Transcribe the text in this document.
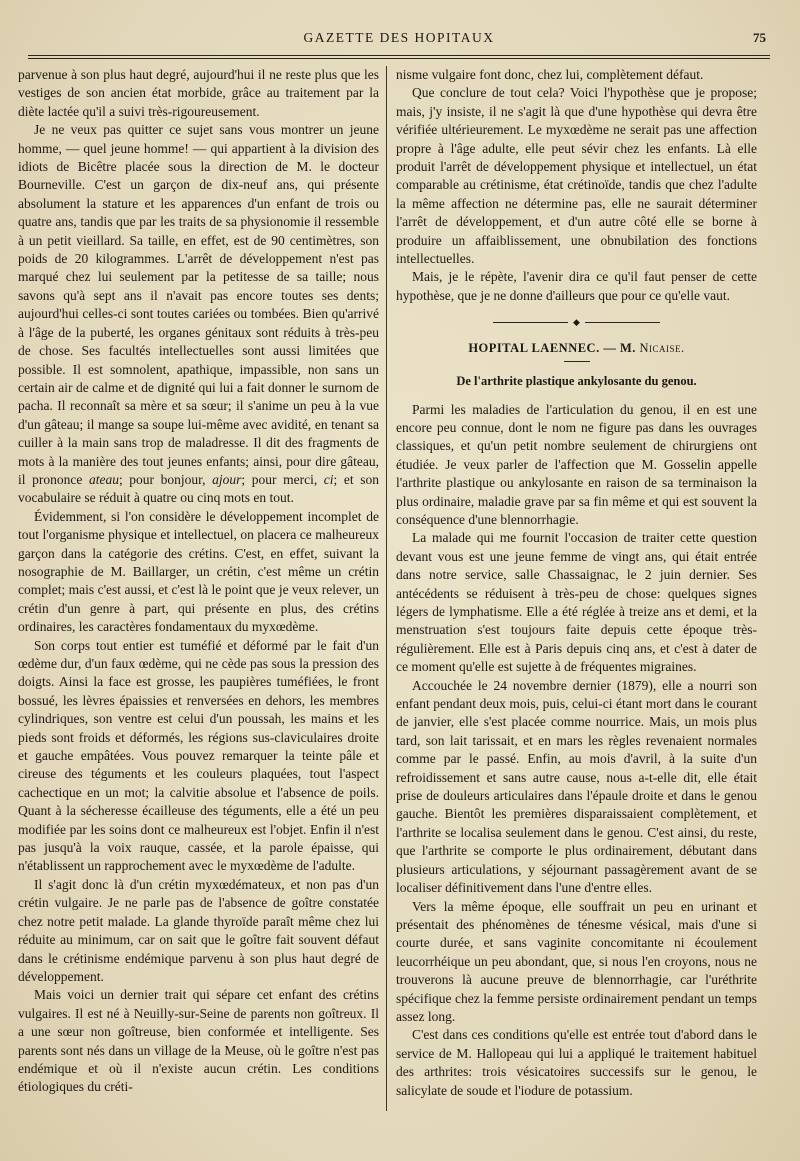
GAZETTE DES HOPITAUX	75

parvenue à son plus haut degré, aujourd'hui il ne reste plus que les vestiges de son ancien état morbide, grâce au traitement par la diète lactée qu'il a suivi très-rigoureusement.

Je ne veux pas quitter ce sujet sans vous montrer un jeune homme, — quel jeune homme! — qui appartient à la division des idiots de Bicêtre placée sous la direction de M. le docteur Bourneville. C'est un garçon de dix-neuf ans, qui présente absolument la stature et les apparences d'un enfant de trois ou quatre ans, tandis que par les traits de sa physionomie il ressemble à un petit vieillard. Sa taille, en effet, est de 90 centimètres, son poids de 20 kilogrammes. L'arrêt de développement n'est pas marqué chez lui seulement par la petitesse de sa taille; nous savons qu'à sept ans il n'avait pas encore toutes ses dents; aujourd'hui celles-ci sont toutes cariées ou tombées. Bien qu'arrivé à l'âge de la puberté, les organes génitaux sont réduits à très-peu de chose. Ses facultés intellectuelles sont aussi limitées que possible. Il est somnolent, apathique, impassible, non sans un certain air de calme et de dignité qui lui a fait donner le surnom de pacha. Il reconnaît sa mère et sa sœur; il s'anime un peu à la vue d'un gâteau; il mange sa soupe lui-même avec avidité, en tenant sa cuiller à la main sans trop de maladresse. Il dit des fragments de mots à la manière des tout jeunes enfants; ainsi, pour dire gâteau, il prononce ateau; pour bonjour, ajour; pour merci, ci; et son vocabulaire se réduit à quatre ou cinq mots en tout.

Évidemment, si l'on considère le développement incomplet de tout l'organisme physique et intellectuel, on placera ce malheureux garçon dans la catégorie des crétins. C'est, en effet, suivant la nosographie de M. Baillarger, un crétin, c'est même un crétin complet; mais c'est aussi, et c'est là le point que je veux relever, un crétin d'un genre à part, qui présente en plus, des crétins ordinaires, les caractères fondamentaux du myxœdème.

Son corps tout entier est tuméfié et déformé par le fait d'un œdème dur, d'un faux œdème, qui ne cède pas sous la pression des doigts. Ainsi la face est grosse, les paupières tuméfiées, le front bossué, les lèvres épaissies et renversées en dehors, les membres cylindriques, son ventre est celui d'un poussah, les mains et les pieds sont froids et déformés, les régions sus-claviculaires droite et gauche empâtées. Vous pouvez remarquer la teinte pâle et cireuse des téguments et les couleurs plaquées, tout l'aspect cachectique en un mot; la calvitie absolue et l'absence de poils. Quant à la sécheresse écailleuse des téguments, elle a été un peu modifiée par les soins dont ce malheureux est l'objet. Enfin il n'est pas jusqu'à la voix rauque, cassée, et la parole épaisse, qui n'établissent un rapprochement avec le myxœdème de l'adulte.

Il s'agit donc là d'un crétin myxœdémateux, et non pas d'un crétin vulgaire. Je ne parle pas de l'absence de goître constatée chez notre petit malade. La glande thyroïde paraît même chez lui réduite au minimum, car on sait que le goître fait souvent défaut dans le crétinisme endémique parvenu à son plus haut degré de développement.

Mais voici un dernier trait qui sépare cet enfant des crétins vulgaires. Il est né à Neuilly-sur-Seine de parents non goîtreux. Il a une sœur non goîtreuse, bien conformée et intelligente. Ses parents sont nés dans un village de la Meuse, où le goître n'est pas endémique et où il n'existe aucun crétin. Les conditions étiologiques du créti-

nisme vulgaire font donc, chez lui, complètement défaut.

Que conclure de tout cela? Voici l'hypothèse que je propose; mais, j'y insiste, il ne s'agit là que d'une hypothèse qui devra être vérifiée ultérieurement. Le myxœdème ne serait pas une affection propre à l'âge adulte, elle peut sévir chez les enfants. Là elle produit l'arrêt de développement physique et intellectuel, un état comparable au crétinisme, état crétinoïde, tandis que chez l'adulte la même affection ne détermine pas, elle ne saurait déterminer l'arrêt de développement, et d'un autre côté elle se borne à produire un affaiblissement, une obnubilation des fonctions intellectuelles.

Mais, je le répète, l'avenir dira ce qu'il faut penser de cette hypothèse, que je ne donne d'ailleurs que pour ce qu'elle vaut.

◆
HOPITAL LAENNEC. — M. Nicaise.
De l'arthrite plastique ankylosante du genou.

Parmi les maladies de l'articulation du genou, il en est une encore peu connue, dont le nom ne figure pas dans les ouvrages classiques, et qu'un petit nombre seulement de chirurgiens ont étudiée. Je veux parler de l'affection que M. Gosselin appelle l'arthrite plastique ou ankylosante en raison de sa terminaison la plus ordinaire, maladie grave par sa fin même et qui est souvent la conséquence d'une blennorrhagie.

La malade qui me fournit l'occasion de traiter cette question devant vous est une jeune femme de vingt ans, qui était entrée dans notre service, salle Chassaignac, le 2 juin dernier. Ses antécédents se réduisent à très-peu de chose: quelques signes légers de lymphatisme. Elle a été réglée à treize ans et demi, et la menstruation s'est toujours faite depuis cette époque très-régulièrement. Elle est à Paris depuis cinq ans, et c'est à dater de ce moment qu'elle est sujette à de fréquentes migraines.

Accouchée le 24 novembre dernier (1879), elle a nourri son enfant pendant deux mois, puis, celui-ci étant mort dans le courant de janvier, elle s'est placée comme nourrice. Mais, un mois plus tard, son lait tarissait, et en mars les règles revenaient normales comme par le passé. Enfin, au mois d'avril, à la suite d'un refroidissement et sans autre cause, nous a-t-elle dit, elle était prise de douleurs articulaires dans l'épaule droite et dans le genou gauche. Bientôt les premières disparaissaient complètement, et l'arthrite se localisa seulement dans le genou. C'est ainsi, du reste, que l'arthrite se comporte le plus ordinairement, débutant dans plusieurs articulations, y séjournant passagèrement avant de se localiser définitivement dans l'une d'entre elles.

Vers la même époque, elle souffrait un peu en urinant et présentait des phénomènes de ténesme vésical, mais d'une si courte durée, et sans vaginite concomitante ni écoulement leucorrhéique un peu abondant, que, si nous l'en croyons, nous ne trouverons là aucune preuve de blennorrhagie, car l'uréthrite spécifique chez la femme persiste ordinairement pendant un temps assez long.

C'est dans ces conditions qu'elle est entrée tout d'abord dans le service de M. Hallopeau qui lui a appliqué le traitement habituel des arthrites: trois vésicatoires successifs sur le genou, le salicylate de soude et l'iodure de potassium.
